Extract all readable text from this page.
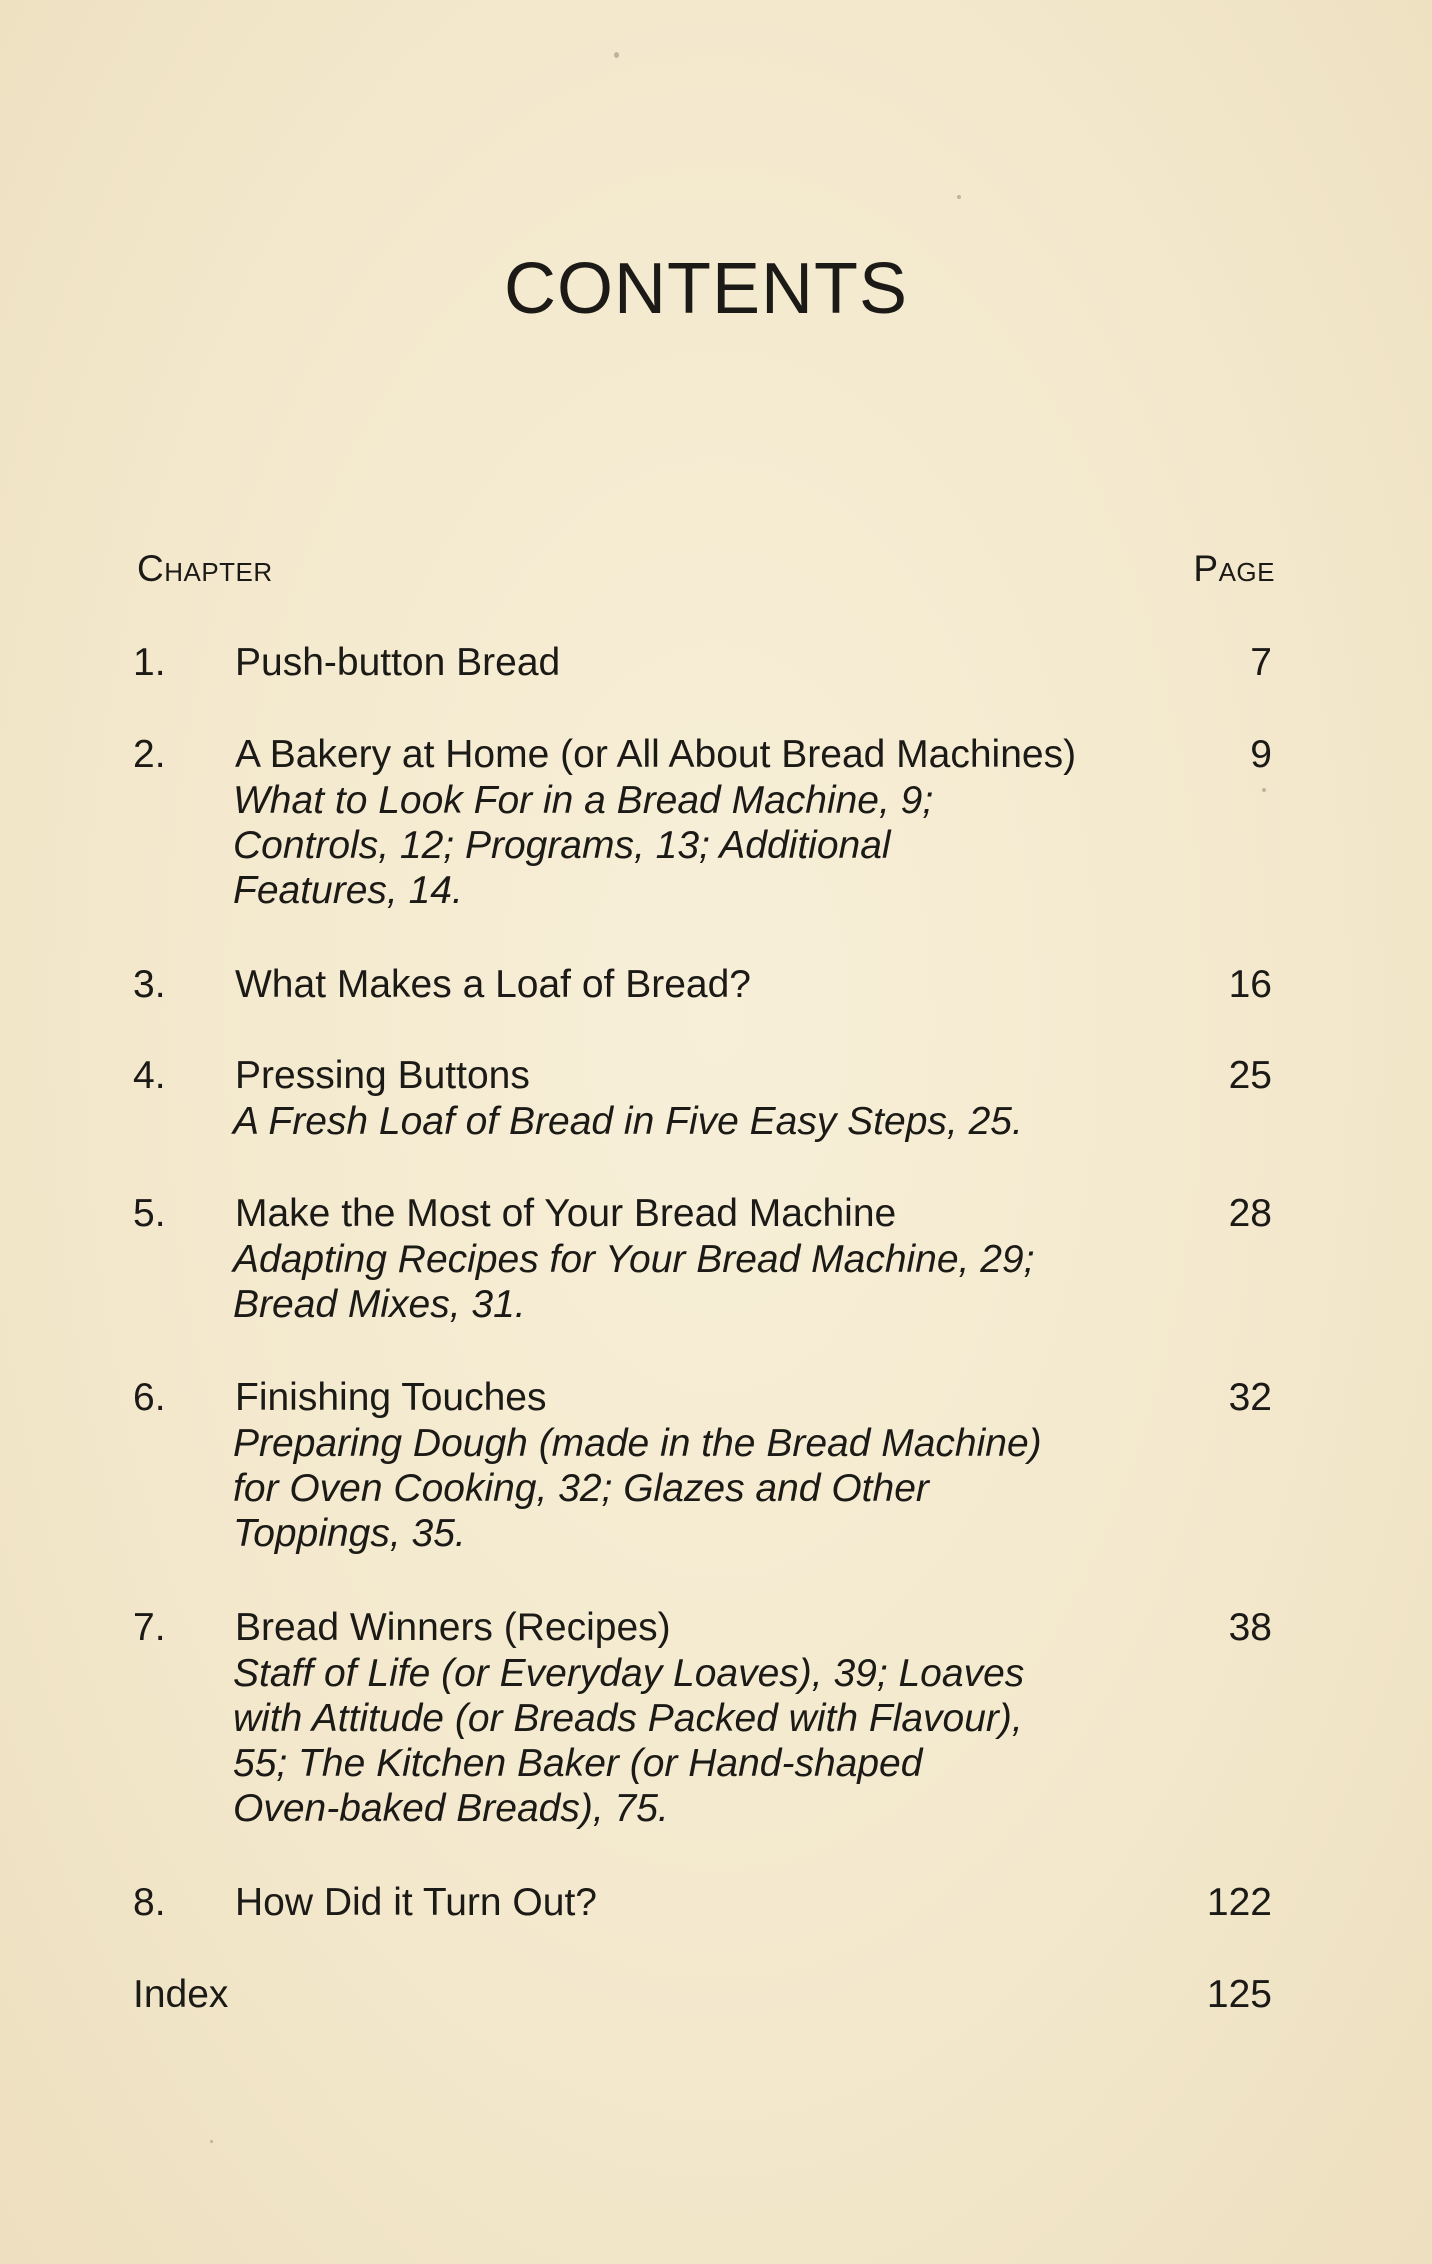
CONTENTS
Chapter	Page
1. Push-button Bread	7
2. A Bakery at Home (or All About Bread Machines)	9
What to Look For in a Bread Machine, 9;
Controls, 12; Programs, 13; Additional
Features, 14.
3. What Makes a Loaf of Bread?	16
4. Pressing Buttons	25
A Fresh Loaf of Bread in Five Easy Steps, 25.
5. Make the Most of Your Bread Machine	28
Adapting Recipes for Your Bread Machine, 29;
Bread Mixes, 31.
6. Finishing Touches	32
Preparing Dough (made in the Bread Machine)
for Oven Cooking, 32; Glazes and Other
Toppings, 35.
7. Bread Winners (Recipes)	38
Staff of Life (or Everyday Loaves), 39; Loaves
with Attitude (or Breads Packed with Flavour),
55; The Kitchen Baker (or Hand-shaped
Oven-baked Breads), 75.
8. How Did it Turn Out?	122
Index	125
